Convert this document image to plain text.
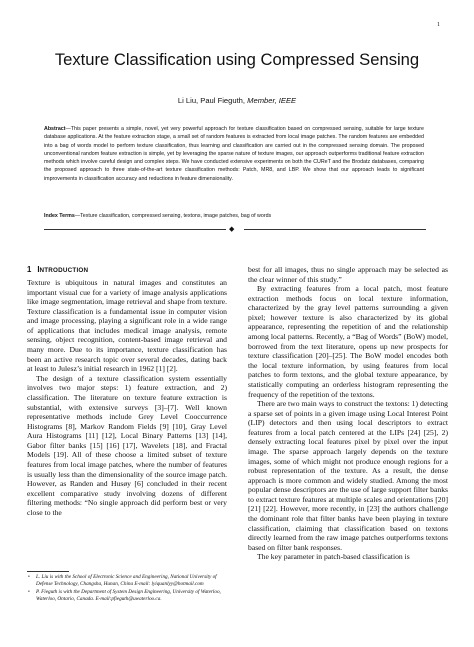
1
Texture Classification using Compressed Sensing
Li Liu, Paul Fieguth, Member, IEEE

Abstract—This paper presents a simple, novel, yet very powerful approach for texture classification based on compressed sensing, suitable for large texture database applications. At the feature extraction stage, a small set of random features is extracted from local image patches. The random features are embedded into a bag of words model to perform texture classification, thus learning and classification are carried out in the compressed sensing domain. The proposed unconventional random feature extraction is simple, yet by leveraging the sparse nature of texture images, our approach outperforms traditional feature extraction methods which involve careful design and complex steps. We have conducted extensive experiments on both the CUReT and the Brodatz databases, comparing the proposed approach to three state-of-the-art texture classification methods: Patch, MR8, and LBP. We show that our approach leads to significant improvements in classification accuracy and reductions in feature dimensionality.

Index Terms—Texture classification, compressed sensing, textons, image patches, bag of words

◆
1 INTRODUCTION

Texture is ubiquitous in natural images and constitutes an important visual cue for a variety of image analysis applications like image segmentation, image retrieval and shape from texture. Texture classification is a fundamental issue in computer vision and image processing, playing a significant role in a wide range of applications that includes medical image analysis, remote sensing, object recognition, content-based image retrieval and many more. Due to its importance, texture classification has been an active research topic over several decades, dating back at least to Julesz’s initial research in 1962 [1] [2].

The design of a texture classification system essentially involves two major steps: 1) feature extraction, and 2) classification. The literature on texture feature extraction is substantial, with extensive surveys [3]–[7]. Well known representative methods include Grey Level Cooccurrence Histograms [8], Markov Random Fields [9] [10], Gray Level Aura Histograms [11] [12], Local Binary Patterns [13] [14], Gabor filter banks [15] [16] [17], Wavelets [18], and Fractal Models [19]. All of these choose a limited subset of texture features from local image patches, where the number of features is usually less than the dimensionality of the source image patch. However, as Randen and Husøy [6] concluded in their recent excellent comparative study involving dozens of different filtering methods: “No single approach did perform best or very close to the

best for all images, thus no single approach may be selected as the clear winner of this study.”

By extracting features from a local patch, most feature extraction methods focus on local texture information, characterized by the gray level patterns surrounding a given pixel; however texture is also characterized by its global appearance, representing the repetition of and the relationship among local patterns. Recently, a “Bag of Words” (BoW) model, borrowed from the text literature, opens up new prospects for texture classification [20]–[25]. The BoW model encodes both the local texture information, by using features from local patches to form textons, and the global texture appearance, by statistically computing an orderless histogram representing the frequency of the repetition of the textons.

There are two main ways to construct the textons: 1) detecting a sparse set of points in a given image using Local Interest Point (LIP) detectors and then using local descriptors to extract features from a local patch centered at the LIPs [24] [25], 2) densely extracting local features pixel by pixel over the input image. The sparse approach largely depends on the texture images, some of which might not produce enough regions for a robust representation of the texture. As a result, the dense approach is more common and widely studied. Among the most popular dense descriptors are the use of large support filter banks to extract texture features at multiple scales and orientations [20] [21] [22]. However, more recently, in [23] the authors challenge the dominant role that filter banks have been playing in texture classification, claiming that classification based on textons directly learned from the raw image patches outperforms textons based on filter bank responses.

The key parameter in patch-based classification is

• L. Liu is with the School of Electronic Science and Engineering, National University of Defense Technology, Changsha, Hunan, China E-mail: lyiquanlyy@hotmail.com

• P. Fieguth is with the Department of System Design Engineering, University of Waterloo, Waterloo, Ontario, Canada. E-mail:pfieguth@uwaterloo.ca.
